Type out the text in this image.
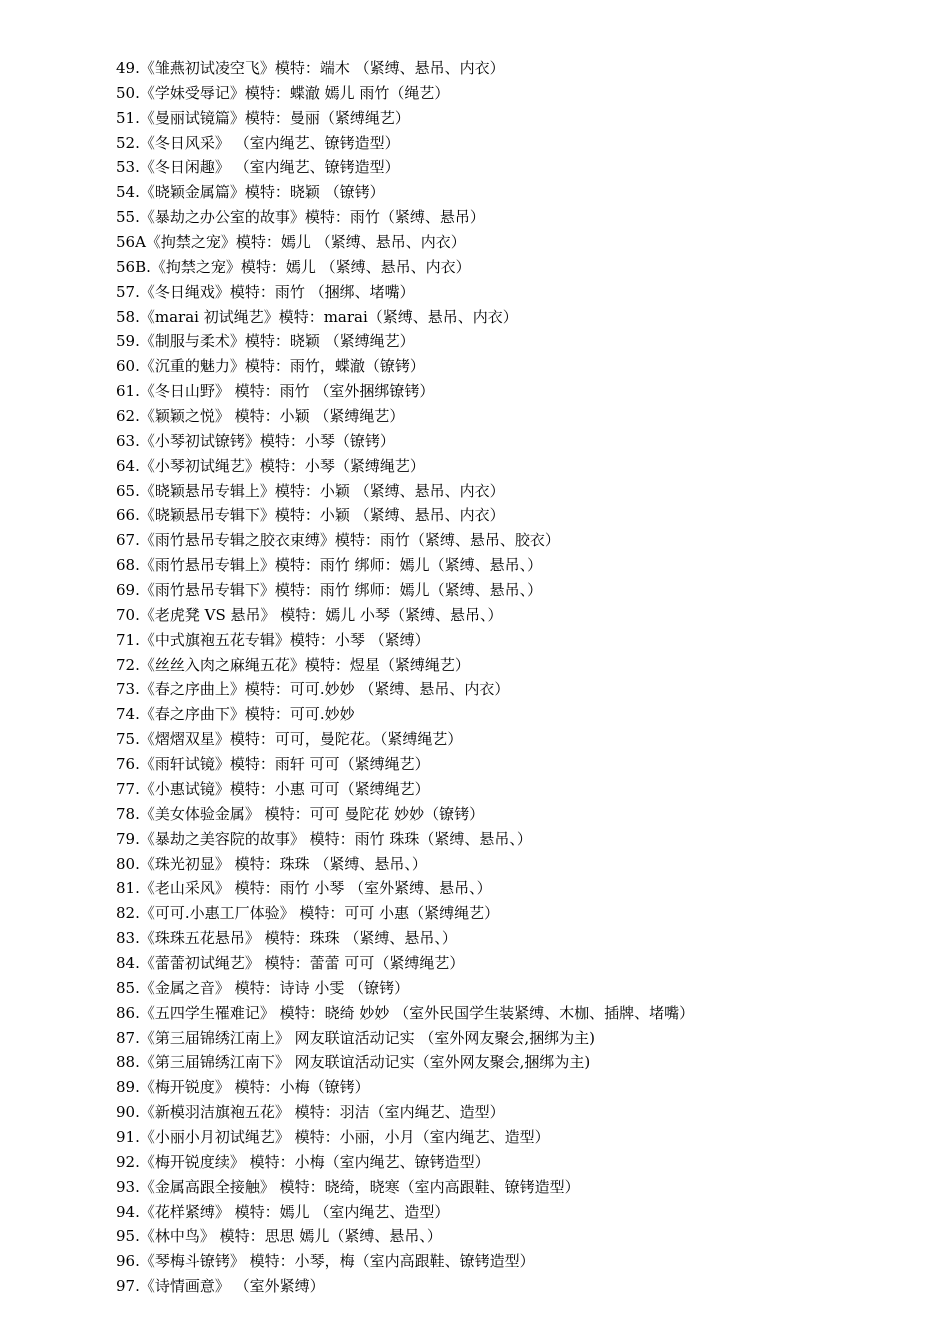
49.《雏燕初试凌空飞》模特：端木 （紧缚、悬吊、内衣）
50.《学妹受辱记》模特：蝶澈 嫣儿 雨竹（绳艺）
51.《曼丽试镜篇》模特：曼丽（紧缚绳艺）
52.《冬日风采》 （室内绳艺、镣铐造型）
53.《冬日闲趣》 （室内绳艺、镣铐造型）
54.《晓颖金属篇》模特：晓颖 （镣铐）
55.《暴劫之办公室的故事》模特：雨竹（紧缚、悬吊）
56A《拘禁之宠》模特：嫣儿 （紧缚、悬吊、内衣）
56B.《拘禁之宠》模特：嫣儿 （紧缚、悬吊、内衣）
57.《冬日绳戏》模特：雨竹 （捆绑、堵嘴）
58.《marai 初试绳艺》模特：marai（紧缚、悬吊、内衣）
59.《制服与柔术》模特：晓颖 （紧缚绳艺）
60.《沉重的魅力》模特：雨竹，蝶澈（镣铐）
61.《冬日山野》 模特：雨竹 （室外捆绑镣铐）
62.《颖颖之悦》 模特：小颖 （紧缚绳艺）
63.《小琴初试镣铐》模特：小琴（镣铐）
64.《小琴初试绳艺》模特：小琴（紧缚绳艺）
65.《晓颖悬吊专辑上》模特：小颖 （紧缚、悬吊、内衣）
66.《晓颖悬吊专辑下》模特：小颖 （紧缚、悬吊、内衣）
67.《雨竹悬吊专辑之胶衣束缚》模特：雨竹（紧缚、悬吊、胶衣）
68.《雨竹悬吊专辑上》模特：雨竹 绑师：嫣儿（紧缚、悬吊、）
69.《雨竹悬吊专辑下》模特：雨竹 绑师：嫣儿（紧缚、悬吊、）
70.《老虎凳 VS 悬吊》 模特：嫣儿 小琴（紧缚、悬吊、）
71.《中式旗袍五花专辑》模特：小琴 （紧缚）
72.《丝丝入肉之麻绳五花》模特：煜星（紧缚绳艺）
73.《春之序曲上》模特：可可.妙妙 （紧缚、悬吊、内衣）
74.《春之序曲下》模特：可可.妙妙
75.《熠熠双星》模特：可可，曼陀花。（紧缚绳艺）
76.《雨轩试镜》模特：雨轩 可可（紧缚绳艺）
77.《小惠试镜》模特：小惠 可可（紧缚绳艺）
78.《美女体验金属》 模特：可可 曼陀花 妙妙（镣铐）
79.《暴劫之美容院的故事》 模特：雨竹 珠珠（紧缚、悬吊、）
80.《珠光初显》 模特：珠珠 （紧缚、悬吊、）
81.《老山采风》 模特：雨竹 小琴 （室外紧缚、悬吊、）
82.《可可.小惠工厂体验》 模特：可可 小惠（紧缚绳艺）
83.《珠珠五花悬吊》 模特：珠珠 （紧缚、悬吊、）
84.《蕾蕾初试绳艺》 模特：蕾蕾 可可（紧缚绳艺）
85.《金属之音》 模特：诗诗 小雯 （镣铐）
86.《五四学生罹难记》 模特：晓绮 妙妙 （室外民国学生装紧缚、木枷、插牌、堵嘴）
87.《第三届锦绣江南上》 网友联谊活动记实 （室外网友聚会,捆绑为主)
88.《第三届锦绣江南下》 网友联谊活动记实（室外网友聚会,捆绑为主)
89.《梅开锐度》 模特：小梅（镣铐）
90.《新模羽洁旗袍五花》 模特：羽洁（室内绳艺、造型）
91.《小丽小月初试绳艺》 模特：小丽，小月（室内绳艺、造型）
92.《梅开锐度续》 模特：小梅（室内绳艺、镣铐造型）
93.《金属高跟全接触》 模特：晓绮，晓寒（室内高跟鞋、镣铐造型）
94.《花样紧缚》 模特：嫣儿 （室内绳艺、造型）
95.《林中鸟》 模特：思思 嫣儿（紧缚、悬吊、）
96.《琴梅斗镣铐》 模特：小琴，梅（室内高跟鞋、镣铐造型）
97.《诗情画意》 （室外紧缚）
